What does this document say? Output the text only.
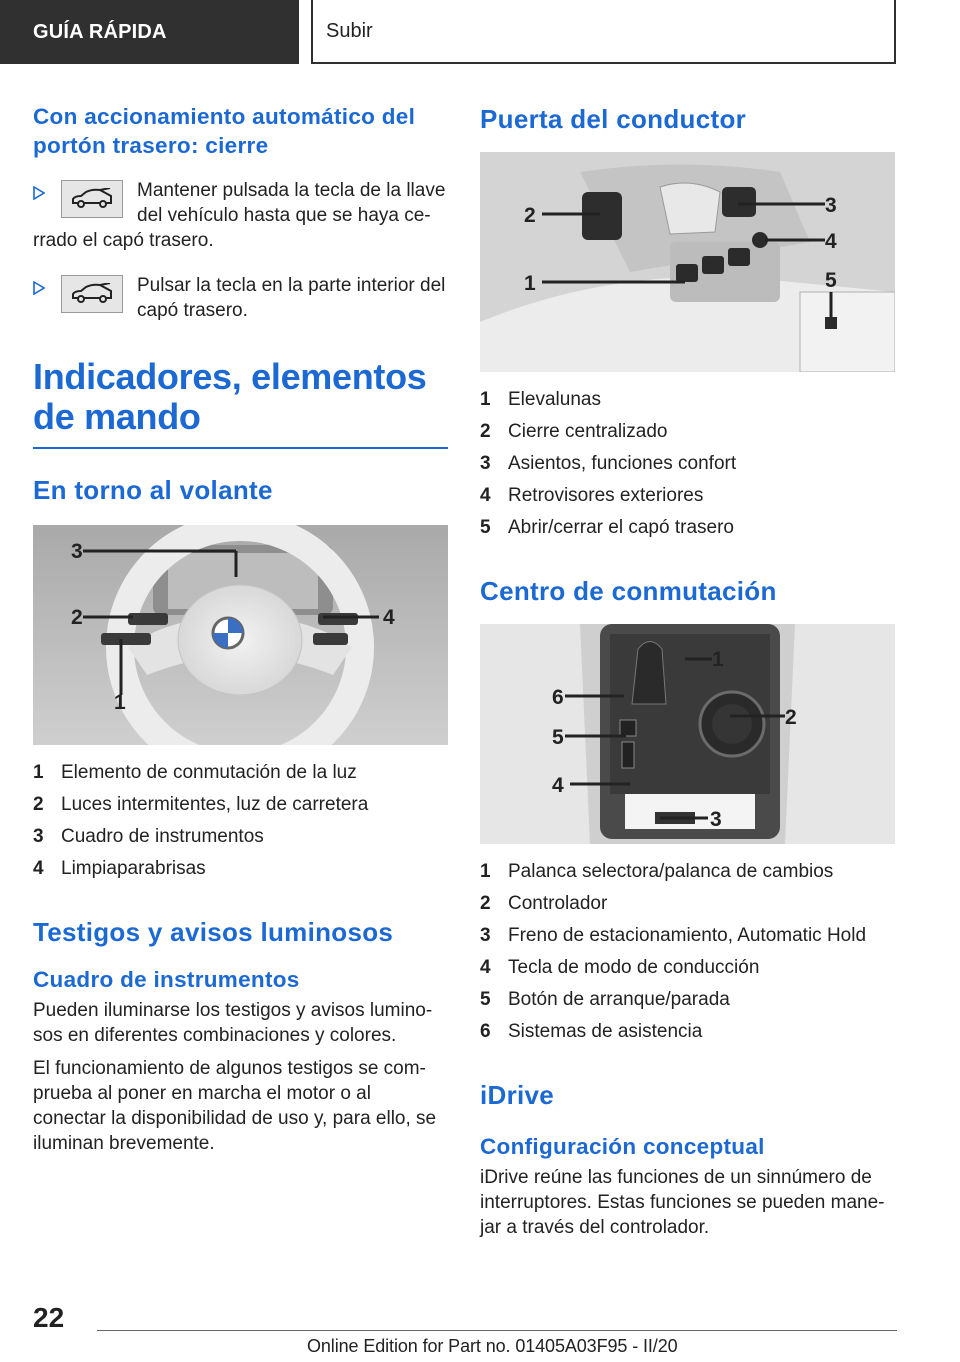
GUÍA RÁPIDA	Subir
Con accionamiento automático del portón trasero: cierre
Mantener pulsada la tecla de la llave del vehículo hasta que se haya ce-rrado el capó trasero.
Pulsar la tecla en la parte interior del capó trasero.
Indicadores, elementos de mando
En torno al volante
3
2	4
1
1 Elemento de conmutación de la luz
2 Luces intermitentes, luz de carretera
3 Cuadro de instrumentos
4 Limpiaparabrisas
Testigos y avisos luminosos
Cuadro de instrumentos

Pueden iluminarse los testigos y avisos lumino-sos en diferentes combinaciones y colores.

El funcionamiento de algunos testigos se com-prueba al poner en marcha el motor o al conectar la disponibilidad de uso y, para ello, se iluminan brevemente.

Puerta del conductor
2
1
3
4
5
1 Elevalunas
2 Cierre centralizado
3 Asientos, funciones confort
4 Retrovisores exteriores
5 Abrir/cerrar el capó trasero
Centro de conmutación
1
2
3
4
5
6
1 Palanca selectora/palanca de cambios
2 Controlador
3 Freno de estacionamiento, Automatic Hold
4 Tecla de modo de conducción
5 Botón de arranque/parada
6 Sistemas de asistencia
iDrive
Configuración conceptual

iDrive reúne las funciones de un sinnúmero de interruptores. Estas funciones se pueden mane-jar a través del controlador.

22
Online Edition for Part no. 01405A03F95 - II/20
